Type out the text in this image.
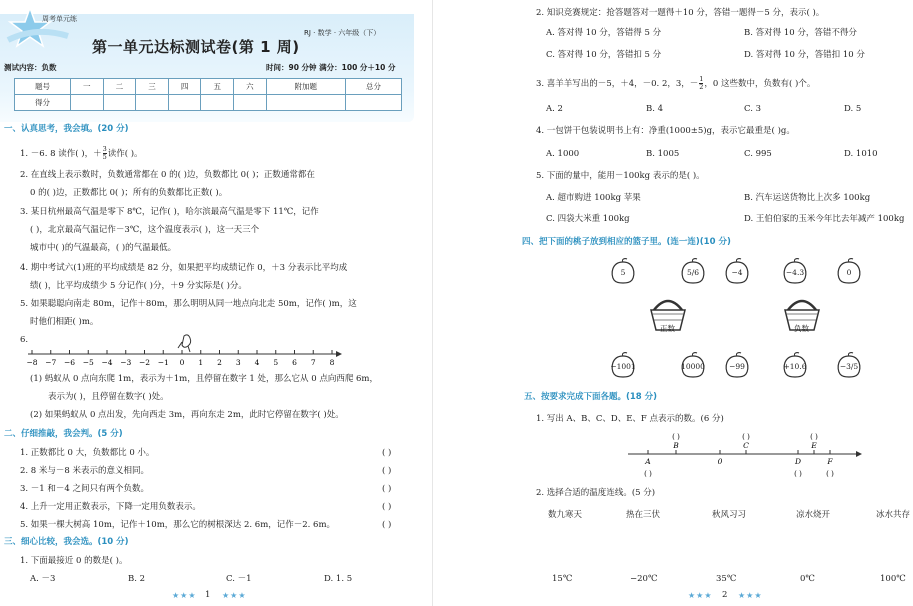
周考单元练
RJ · 数学 · 六年级（下）
第一单元达标测试卷(第 1 周)
测试内容：负数	时间：90 分钟 满分：100 分＋10 分
题号	一	二	三	四	五	六	附加题	总分
得分								
一、认真思考，我会填。(20 分)
1. －6. 8 读作( )，＋ $\frac{3}{5}$ 读作( )。
2. 在直线上表示数时，负数通常都在 0 的( )边，负数都比 0( )；正数通常都在
0 的( )边，正数都比 0( )；所有的负数都比正数( )。
3. 某日杭州最高气温是零下 8℃，记作( )，哈尔滨最高气温是零下 11℃，记作
( )，北京最高气温记作－3℃，这个温度表示( )，这一天三个
城市中( )的气温最高，( )的气温最低。
4. 期中考试六(1)班的平均成绩是 82 分，如果把平均成绩记作 0，＋3 分表示比平均成
绩( )，比平均成绩少 5 分记作( )分，＋9 分实际是( )分。
5. 如果聪聪向南走 80m，记作＋80m，那么明明从同一地点向北走 50m，记作( )m，这
时他们相距( )m。
6.
−8 −7 −6 −5 −4 −3 −2 −1 0 1 2 3 4 5 6 7 8
(1) 蚂蚁从 0 点向东爬 1m，表示为＋1m，且停留在数字 1 处，那么它从 0 点向西爬 6m，
表示为( )，且停留在数字( )处。
(2) 如果蚂蚁从 0 点出发，先向西走 3m，再向东走 2m，此时它停留在数字( )处。
二、仔细推敲，我会判。(5 分)
1. 正数都比 0 大，负数都比 0 小。	( )
2. 8 米与－8 米表示的意义相同。	( )
3. －1 和－4 之间只有两个负数。	( )
4. 上升一定用正数表示，下降一定用负数表示。	( )
5. 如果一棵大树高 10m，记作＋10m，那么它的树根深达 2. 6m，记作－2. 6m。	( )
三、细心比较，我会选。(10 分)
1. 下面最接近 0 的数是( )。
A. －3	B. 2	C. －1	D. 1. 5
★★★ 1 ★★★
2. 知识竞赛规定：抢答题答对一题得＋10 分，答错一题得－5 分，表示( )。
A. 答对得 10 分，答错得 5 分	B. 答对得 10 分，答错不得分
C. 答对得 10 分，答错扣 5 分	D. 答对得 10 分，答错扣 10 分
3. 喜羊羊写出的－5，＋4，－0. 2，3，－ $\frac{1}{2}$ ，0 这些数中，负数有( )个。
A. 2	B. 4	C. 3	D. 5
4. 一包饼干包装说明书上有：净重(1000±5)g，表示它最重是( )g。
A. 1000	B. 1005	C. 995	D. 1010
5. 下面的量中，能用－100kg 表示的是( )。
A. 超市购进 100kg 苹果	B. 汽车运送货物比上次多 100kg
C. 四袋大米重 100kg	D. 王伯伯家的玉米今年比去年减产 100kg
四、把下面的桃子放到相应的篮子里。(连一连)(10 分)
5	5/6	−4	−4.3	0
−1001	10000	−99	+10.6	−3/5
正数	负数
五、按要求完成下面各题。(18 分)
1. 写出 A、B、C、D、E、F 点表示的数。(6 分)
A
( )
B
( )
0
C
( )
D
( )
E
( )
F
( )
2. 选择合适的温度连线。(5 分)
数九寒天	热在三伏	秋风习习	凉水烧开	冰水共存
15℃	−20℃	35℃	0℃	100℃
★★★ 2 ★★★
